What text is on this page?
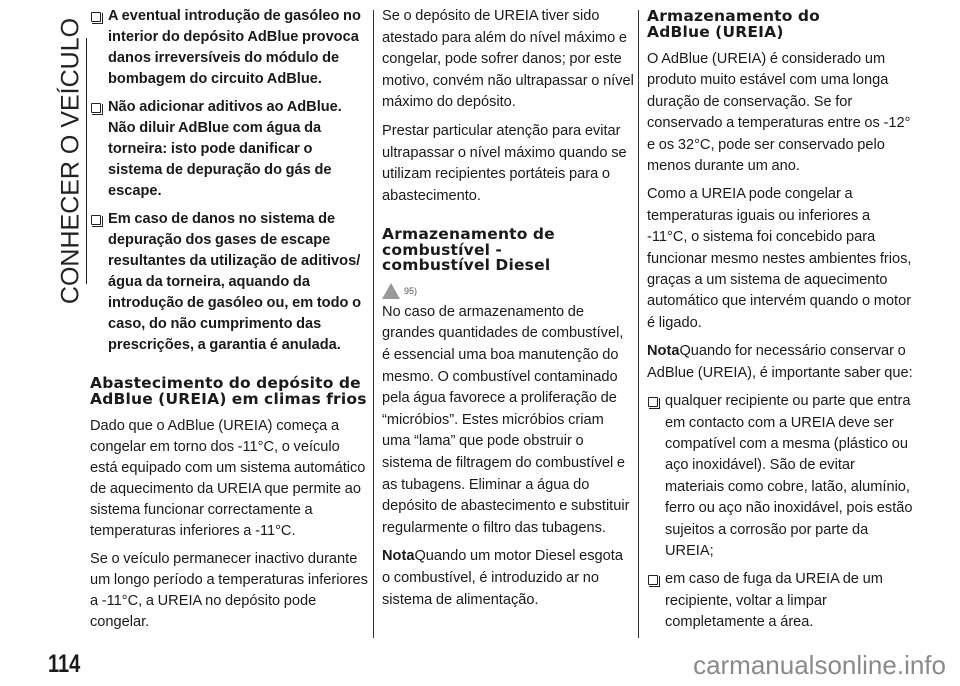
CONHECER O VEÍCULO
A eventual introdução de gasóleo no interior do depósito AdBlue provoca danos irreversíveis do módulo de bombagem do circuito AdBlue.
Não adicionar aditivos ao AdBlue. Não diluir AdBlue com água da torneira: isto pode danificar o sistema de depuração do gás de escape.
Em caso de danos no sistema de depuração dos gases de escape resultantes da utilização de aditivos/água da torneira, aquando da introdução de gasóleo ou, em todo o caso, do não cumprimento das prescrições, a garantia é anulada.
Abastecimento do depósito de AdBlue (UREIA) em climas frios

Dado que o AdBlue (UREIA) começa a congelar em torno dos -11°C, o veículo está equipado com um sistema automático de aquecimento da UREIA que permite ao sistema funcionar correctamente a temperaturas inferiores a -11°C.

Se o veículo permanecer inactivo durante um longo período a temperaturas inferiores a -11°C, a UREIA no depósito pode congelar.

Se o depósito de UREIA tiver sido atestado para além do nível máximo e congelar, pode sofrer danos; por este motivo, convém não ultrapassar o nível máximo do depósito.

Prestar particular atenção para evitar ultrapassar o nível máximo quando se utilizam recipientes portáteis para o abastecimento.

Armazenamento de combustível - combustível Diesel
95)

No caso de armazenamento de grandes quantidades de combustível, é essencial uma boa manutenção do mesmo. O combustível contaminado pela água favorece a proliferação de “micróbios”. Estes micróbios criam uma “lama” que pode obstruir o sistema de filtragem do combustível e as tubagens. Eliminar a água do depósito de abastecimento e substituir regularmente o filtro das tubagens.

NotaQuando um motor Diesel esgota o combustível, é introduzido ar no sistema de alimentação.

Armazenamento do AdBlue (UREIA)

O AdBlue (UREIA) é considerado um produto muito estável com uma longa duração de conservação. Se for conservado a temperaturas entre os -12° e os 32°C, pode ser conservado pelo menos durante um ano.

Como a UREIA pode congelar a temperaturas iguais ou inferiores a -11°C, o sistema foi concebido para funcionar mesmo nestes ambientes frios, graças a um sistema de aquecimento automático que intervém quando o motor é ligado.

NotaQuando for necessário conservar o AdBlue (UREIA), é importante saber que:

qualquer recipiente ou parte que entra em contacto com a UREIA deve ser compatível com a mesma (plástico ou aço inoxidável). São de evitar materiais como cobre, latão, alumínio, ferro ou aço não inoxidável, pois estão sujeitos a corrosão por parte da UREIA;
em caso de fuga da UREIA de um recipiente, voltar a limpar completamente a área.
114	carmanualsonline.info
